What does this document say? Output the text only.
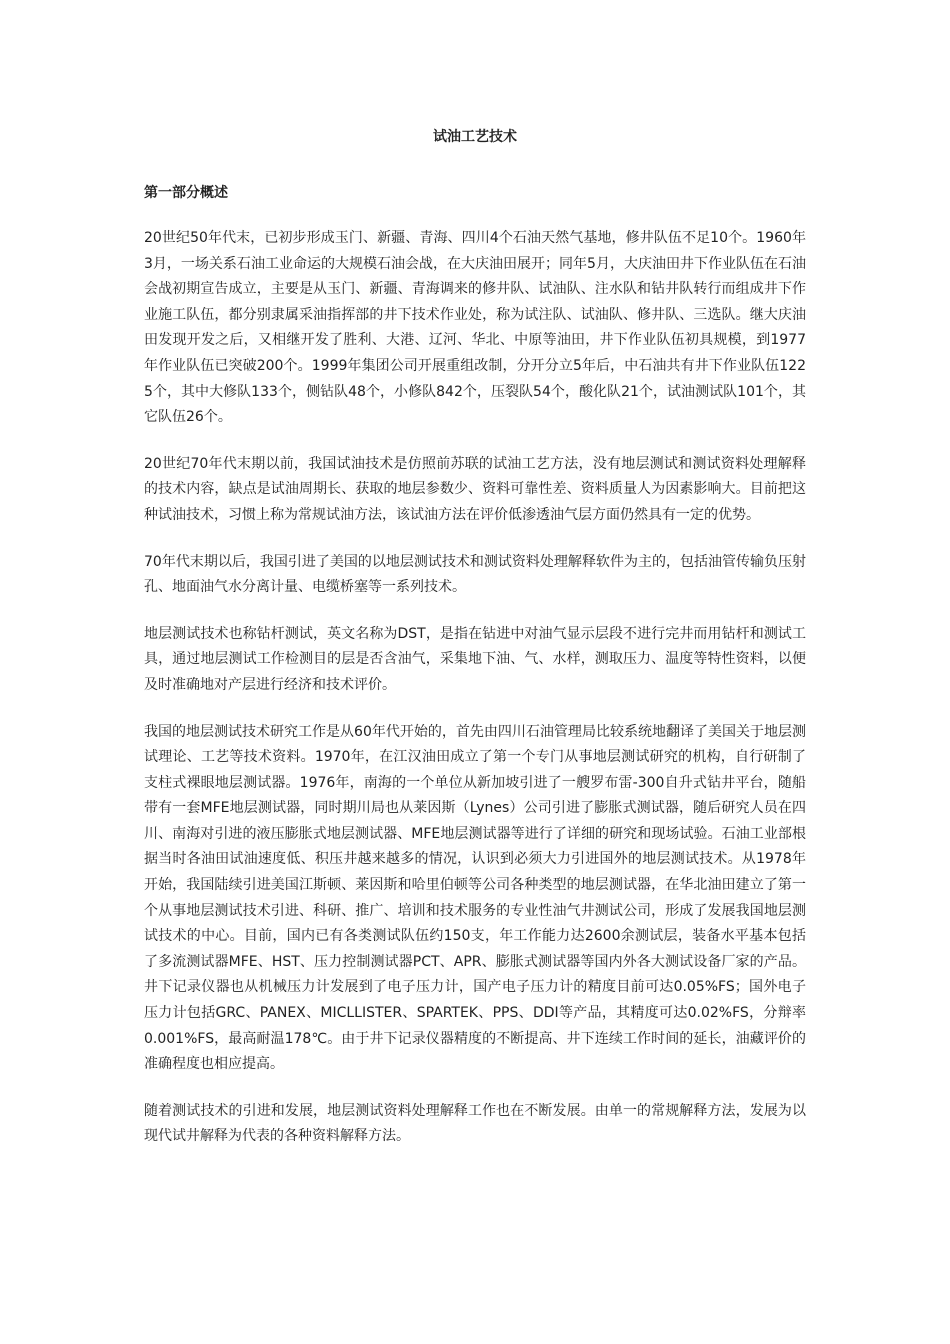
试油工艺技术
第一部分概述

20世纪50年代末，已初步形成玉门、新疆、青海、四川4个石油天然气基地，修井队伍不足10个。1960年3月，一场关系石油工业命运的大规模石油会战，在大庆油田展开；同年5月，大庆油田井下作业队伍在石油会战初期宣告成立，主要是从玉门、新疆、青海调来的修井队、试油队、注水队和钻井队转行而组成井下作业施工队伍，都分别隶属采油指挥部的井下技术作业处，称为试注队、试油队、修井队、三选队。继大庆油田发现开发之后，又相继开发了胜利、大港、辽河、华北、中原等油田，井下作业队伍初具规模，到1977年作业队伍已突破200个。1999年集团公司开展重组改制，分开分立5年后，中石油共有井下作业队伍1225个，其中大修队133个，侧钻队48个，小修队842个，压裂队54个，酸化队21个，试油测试队101个，其它队伍26个。

20世纪70年代末期以前，我国试油技术是仿照前苏联的试油工艺方法，没有地层测试和测试资料处理解释的技术内容，缺点是试油周期长、获取的地层参数少、资料可靠性差、资料质量人为因素影响大。目前把这种试油技术，习惯上称为常规试油方法，该试油方法在评价低渗透油气层方面仍然具有一定的优势。

70年代末期以后，我国引进了美国的以地层测试技术和测试资料处理解释软件为主的，包括油管传输负压射孔、地面油气水分离计量、电缆桥塞等一系列技术。

地层测试技术也称钻杆测试，英文名称为DST，是指在钻进中对油气显示层段不进行完井而用钻杆和测试工具，通过地层测试工作检测目的层是否含油气，采集地下油、气、水样，测取压力、温度等特性资料，以便及时准确地对产层进行经济和技术评价。

我国的地层测试技术研究工作是从60年代开始的，首先由四川石油管理局比较系统地翻译了美国关于地层测试理论、工艺等技术资料。1970年，在江汉油田成立了第一个专门从事地层测试研究的机构，自行研制了支柱式裸眼地层测试器。1976年，南海的一个单位从新加坡引进了一艘罗布雷-300自升式钻井平台，随船带有一套MFE地层测试器，同时期川局也从莱因斯（Lynes）公司引进了膨胀式测试器，随后研究人员在四川、南海对引进的液压膨胀式地层测试器、MFE地层测试器等进行了详细的研究和现场试验。石油工业部根据当时各油田试油速度低、积压井越来越多的情况，认识到必须大力引进国外的地层测试技术。从1978年开始，我国陆续引进美国江斯顿、莱因斯和哈里伯顿等公司各种类型的地层测试器，在华北油田建立了第一个从事地层测试技术引进、科研、推广、培训和技术服务的专业性油气井测试公司，形成了发展我国地层测试技术的中心。目前，国内已有各类测试队伍约150支，年工作能力达2600余测试层，装备水平基本包括了多流测试器MFE、HST、压力控制测试器PCT、APR、膨胀式测试器等国内外各大测试设备厂家的产品。井下记录仪器也从机械压力计发展到了电子压力计，国产电子压力计的精度目前可达0.05%FS；国外电子压力计包括GRC、PANEX、MICLLISTER、SPARTEK、PPS、DDI等产品，其精度可达0.02%FS，分辩率0.001%FS，最高耐温178℃。由于井下记录仪器精度的不断提高、井下连续工作时间的延长，油藏评价的准确程度也相应提高。

随着测试技术的引进和发展，地层测试资料处理解释工作也在不断发展。由单一的常规解释方法，发展为以现代试井解释为代表的各种资料解释方法。
